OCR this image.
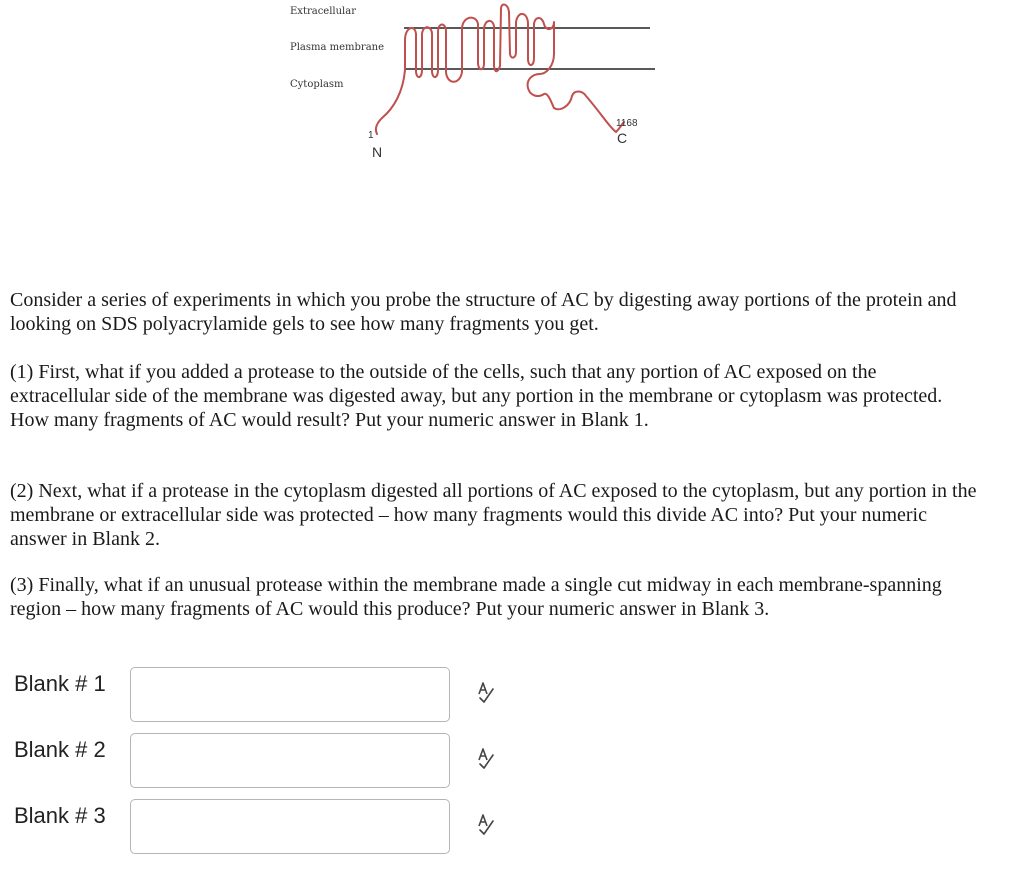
Extracellular
Plasma membrane
Cytoplasm
1
N
1168
C

Consider a series of experiments in which you probe the structure of AC by digesting away portions of the protein and looking on SDS polyacrylamide gels to see how many fragments you get.

(1) First, what if you added a protease to the outside of the cells, such that any portion of AC exposed on the extracellular side of the membrane was digested away, but any portion in the membrane or cytoplasm was protected. How many fragments of AC would result? Put your numeric answer in Blank 1.

(2) Next, what if a protease in the cytoplasm digested all portions of AC exposed to the cytoplasm, but any portion in the membrane or extracellular side was protected – how many fragments would this divide AC into? Put your numeric answer in Blank 2.

(3) Finally, what if an unusual protease within the membrane made a single cut midway in each membrane-spanning region – how many fragments of AC would this produce? Put your numeric answer in Blank 3.

Blank # 1
Blank # 2
Blank # 3
